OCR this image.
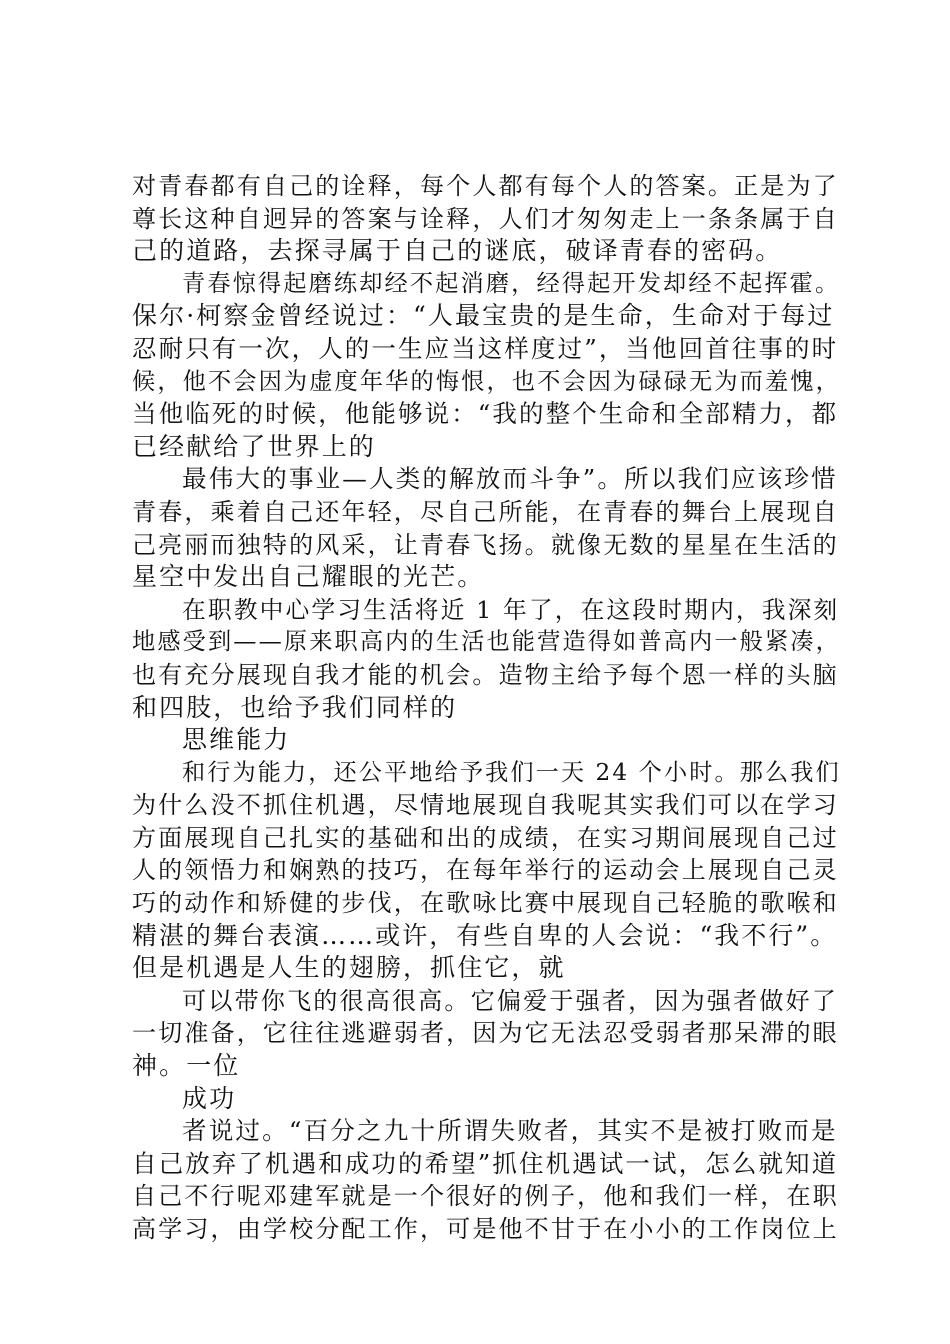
对青春都有自己的诠释，每个人都有每个人的答案。正是为了
尊长这种自迥异的答案与诠释，人们才匆匆走上一条条属于自
己的道路，去探寻属于自己的谜底，破译青春的密码。
青春惊得起磨练却经不起消磨，经得起开发却经不起挥霍。
保尔·柯察金曾经说过：“人最宝贵的是生命，生命对于每过
忍耐只有一次，人的一生应当这样度过”，当他回首往事的时
候，他不会因为虚度年华的悔恨，也不会因为碌碌无为而羞愧，
当他临死的时候，他能够说：“我的整个生命和全部精力，都
已经献给了世界上的
最伟大的事业—人类的解放而斗争”。所以我们应该珍惜
青春，乘着自己还年轻，尽自己所能，在青春的舞台上展现自
己亮丽而独特的风采，让青春飞扬。就像无数的星星在生活的
星空中发出自己耀眼的光芒。
在职教中心学习生活将近 1 年了，在这段时期内，我深刻
地感受到——原来职高内的生活也能营造得如普高内一般紧凑，
也有充分展现自我才能的机会。造物主给予每个恩一样的头脑
和四肢，也给予我们同样的
思维能力
和行为能力，还公平地给予我们一天 24 个小时。那么我们
为什么没不抓住机遇，尽情地展现自我呢其实我们可以在学习
方面展现自己扎实的基础和出的成绩，在实习期间展现自己过
人的领悟力和娴熟的技巧，在每年举行的运动会上展现自己灵
巧的动作和矫健的步伐，在歌咏比赛中展现自己轻脆的歌喉和
精湛的舞台表演……或许，有些自卑的人会说：“我不行”。
但是机遇是人生的翅膀，抓住它，就
可以带你飞的很高很高。它偏爱于强者，因为强者做好了
一切准备，它往往逃避弱者，因为它无法忍受弱者那呆滞的眼
神。一位
成功
者说过。“百分之九十所谓失败者，其实不是被打败而是
自己放弃了机遇和成功的希望”抓住机遇试一试，怎么就知道
自己不行呢邓建军就是一个很好的例子，他和我们一样，在职
高学习，由学校分配工作，可是他不甘于在小小的工作岗位上
